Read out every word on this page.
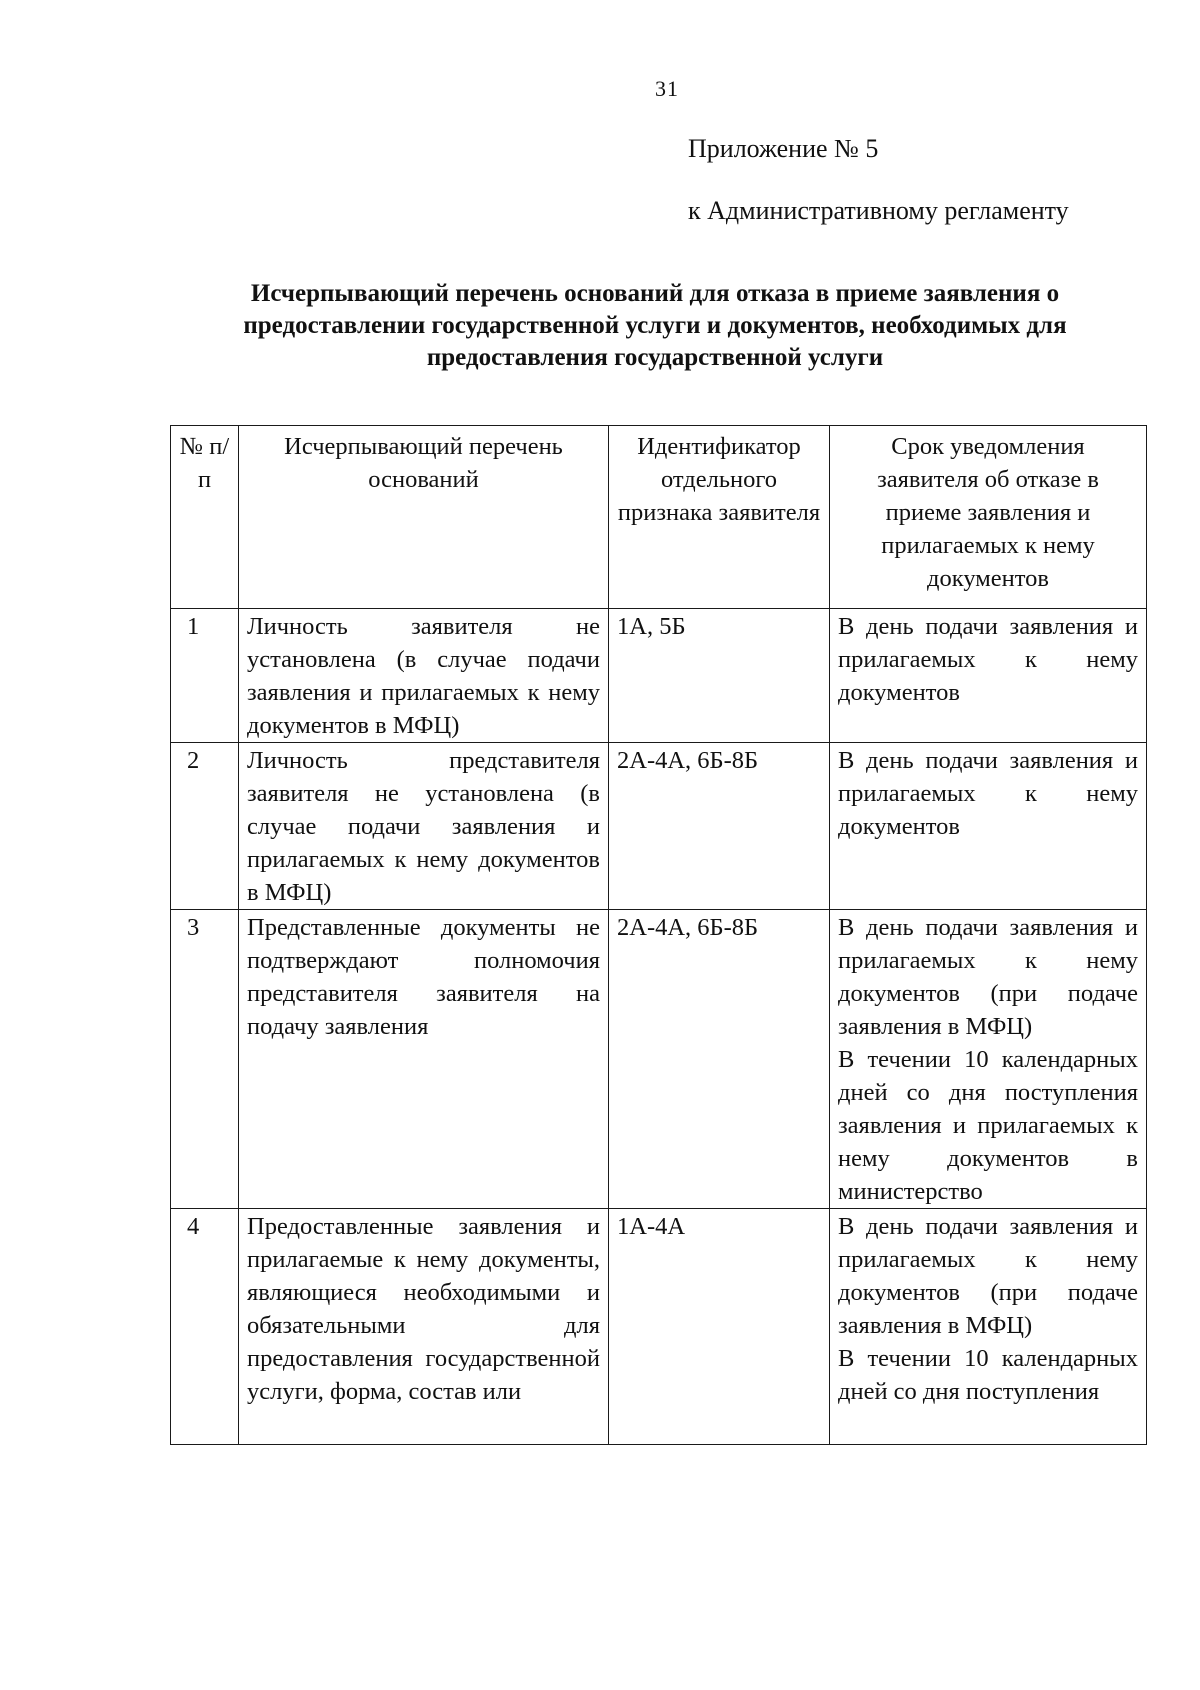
31
Приложение № 5
к Административному регламенту
Исчерпывающий перечень оснований для отказа в приеме заявления о предоставлении государственной услуги и документов, необходимых для предоставления государственной услуги
№ п/п	Исчерпывающий перечень оснований	Идентификатор отдельного признака заявителя	Срок уведомления заявителя об отказе в приеме заявления и прилагаемых к нему документов
1	Личность заявителя не установлена (в случае подачи заявления и прилагаемых к нему документов в МФЦ)	1А, 5Б	В день подачи заявления и прилагаемых к нему документов
2	Личность представителя заявителя не установлена (в случае подачи заявления и прилагаемых к нему документов в МФЦ)	2А-4А, 6Б-8Б	В день подачи заявления и прилагаемых к нему документов
3	Представленные документы не подтверждают полномочия представителя заявителя на подачу заявления	2А-4А, 6Б-8Б	В день подачи заявления и прилагаемых к нему документов (при подаче заявления в МФЦ)
В течении 10 календарных дней со дня поступления заявления и прилагаемых к нему документов в министерство

4	Предоставленные заявления и прилагаемые к нему документы, являющиеся необходимыми и обязательными для предоставления государственной услуги, форма, состав или	1А-4А	В день подачи заявления и прилагаемых к нему документов (при подаче заявления в МФЦ)
В течении 10 календарных дней со дня поступления
